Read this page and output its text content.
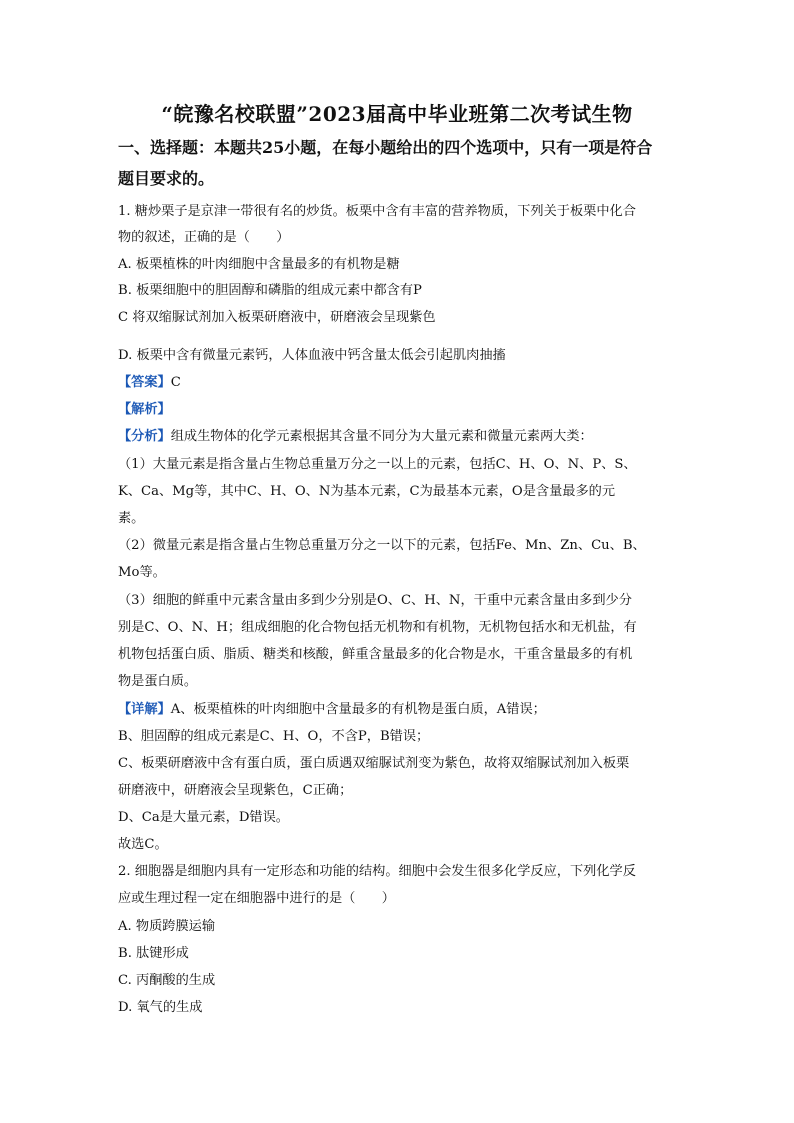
“皖豫名校联盟”2023届高中毕业班第二次考试生物
一、选择题：本题共25小题，在每小题给出的四个选项中，只有一项是符合
题目要求的。
1. 糖炒栗子是京津一带很有名的炒货。板栗中含有丰富的营养物质，下列关于板栗中化合
物的叙述，正确的是（　　）
A. 板栗植株的叶肉细胞中含量最多的有机物是糖
B. 板栗细胞中的胆固醇和磷脂的组成元素中都含有P
C 将双缩脲试剂加入板栗研磨液中，研磨液会呈现紫色
D. 板栗中含有微量元素钙，人体血液中钙含量太低会引起肌肉抽搐
【答案】C
【解析】
【分析】组成生物体的化学元素根据其含量不同分为大量元素和微量元素两大类：
（1）大量元素是指含量占生物总重量万分之一以上的元素，包括C、H、O、N、P、S、
K、Ca、Mg等，其中C、H、O、N为基本元素，C为最基本元素，O是含量最多的元
素。
（2）微量元素是指含量占生物总重量万分之一以下的元素，包括Fe、Mn、Zn、Cu、B、
Mo等。
（3）细胞的鲜重中元素含量由多到少分别是O、C、H、N，干重中元素含量由多到少分
别是C、O、N、H；组成细胞的化合物包括无机物和有机物，无机物包括水和无机盐，有
机物包括蛋白质、脂质、糖类和核酸，鲜重含量最多的化合物是水，干重含量最多的有机
物是蛋白质。
【详解】A、板栗植株的叶肉细胞中含量最多的有机物是蛋白质，A错误；
B、胆固醇的组成元素是C、H、O，不含P，B错误；
C、板栗研磨液中含有蛋白质，蛋白质遇双缩脲试剂变为紫色，故将双缩脲试剂加入板栗
研磨液中，研磨液会呈现紫色，C正确；
D、Ca是大量元素，D错误。
故选C。
2. 细胞器是细胞内具有一定形态和功能的结构。细胞中会发生很多化学反应，下列化学反
应或生理过程一定在细胞器中进行的是（　　）
A. 物质跨膜运输
B. 肽键形成
C. 丙酮酸的生成
D. 氧气的生成
